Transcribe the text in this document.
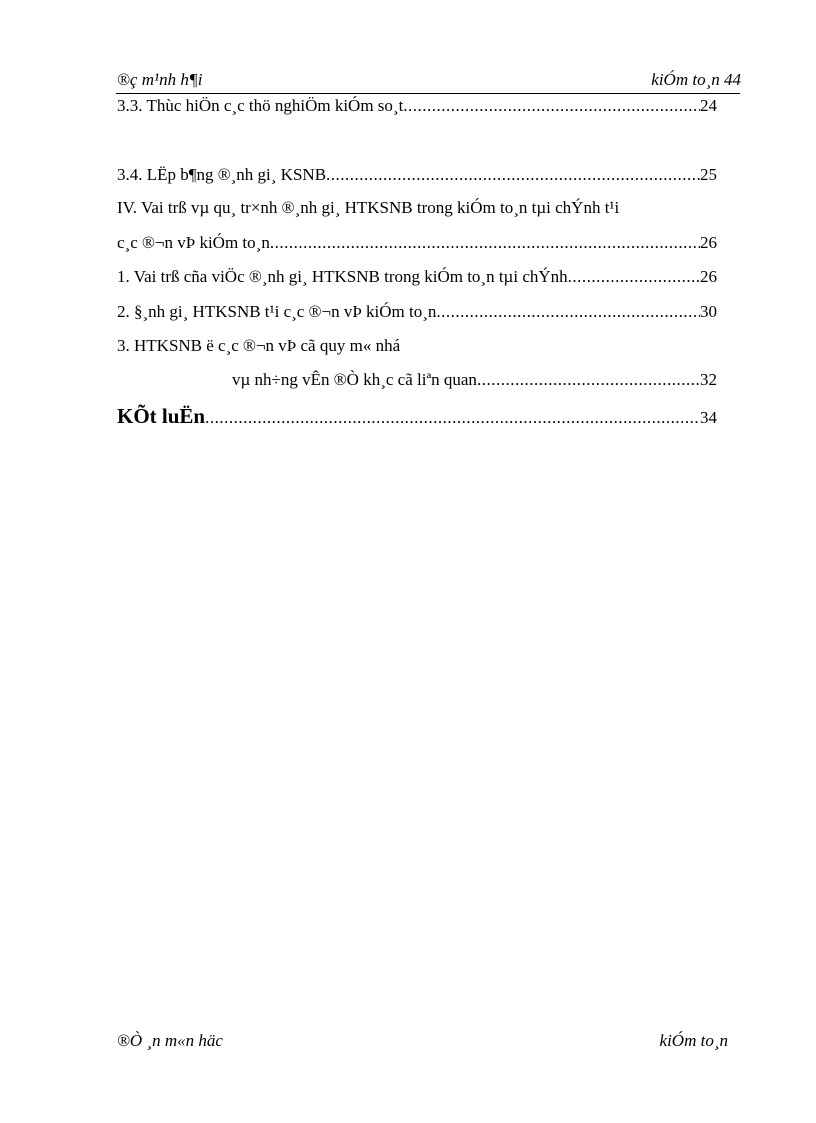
®ç m¹nh h¶i	kiÓm to¸n 44
3.3. Thùc hiÖn c¸c thö nghiÖm kiÓm so¸t .....	24
3.4. LËp b¶ng ®¸nh gi¸ KSNB .....	25
IV. Vai trß vµ qu¸ tr×nh ®¸nh gi¸ HTKSNB trong kiÓm to¸n tµi chÝnh t¹i
c¸c ®¬n vÞ kiÓm to¸n .....	26
1. Vai trß cña viÖc ®¸nh gi¸ HTKSNB trong kiÓm to¸n tµi chÝnh .....	26
2. §¸nh gi¸ HTKSNB t¹i c¸c ®¬n vÞ kiÓm to¸n .....	30
3. HTKSNB ë c¸c ®¬n vÞ cã quy m« nhá
vµ nh÷ng vÊn ®Ò kh¸c cã liªn quan .....	32
KÕt luËn .....	34
®Ò ¸n m«n häc	kiÓm to¸n
